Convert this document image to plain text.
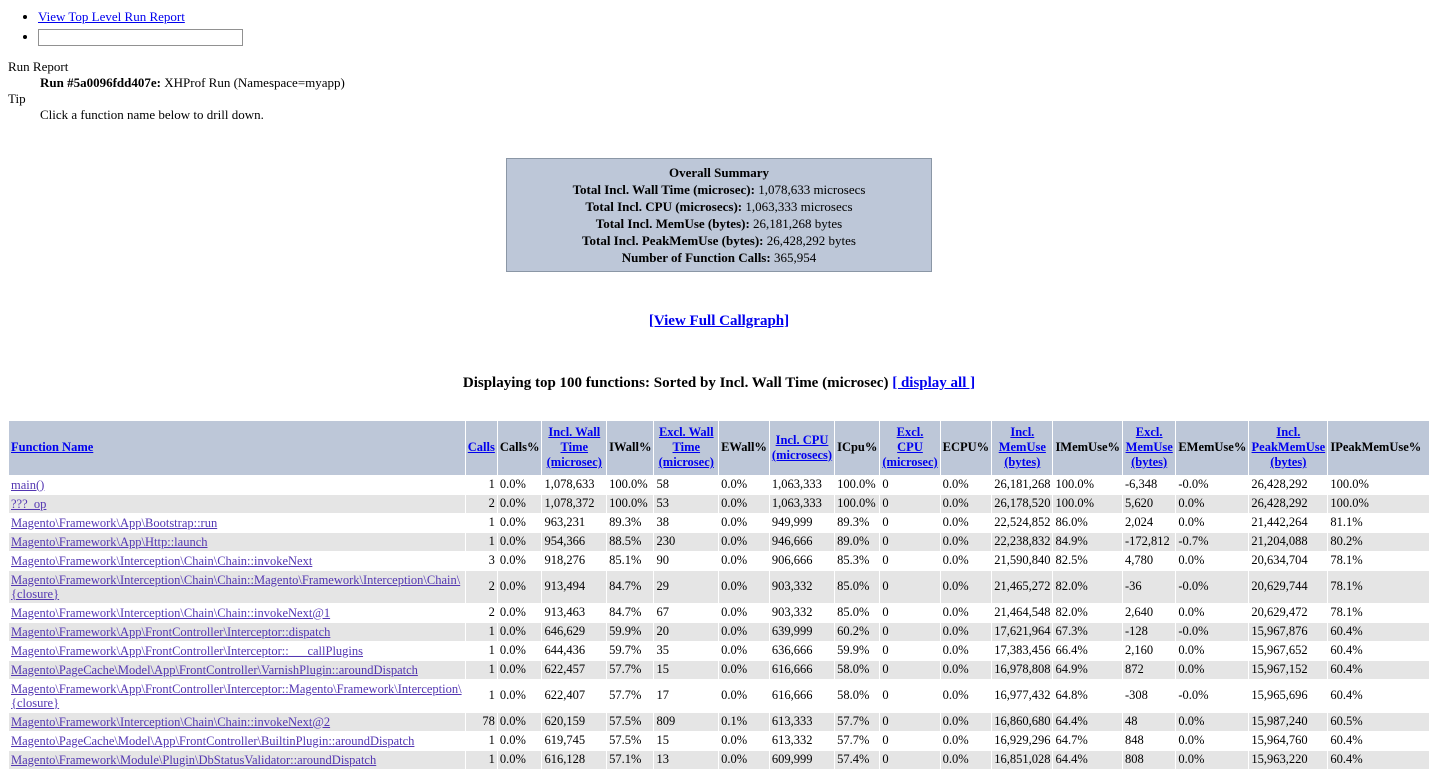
• View Top Level Run Report
•
Run Report
Run #5a0096fdd407e: XHProf Run (Namespace=myapp)
Tip
Click a function name below to drill down.
Overall Summary
Total Incl. Wall Time (microsec): 1,078,633 microsecs
Total Incl. CPU (microsecs): 1,063,333 microsecs
Total Incl. MemUse (bytes): 26,181,268 bytes
Total Incl. PeakMemUse (bytes): 26,428,292 bytes
Number of Function Calls: 365,954
[View Full Callgraph]
Displaying top 100 functions: Sorted by Incl. Wall Time (microsec) [ display all ]
Function Name	Calls	Calls%	Incl. Wall Time (microsec)	IWall%	Excl. Wall Time (microsec)	EWall%	Incl. CPU (microsecs)	ICpu%	Excl. CPU (microsec)	ECPU%	Incl. MemUse (bytes)	IMemUse%	Excl. MemUse (bytes)	EMemUse%	Incl. PeakMemUse (bytes)	IPeakMemUse%
main()	1	0.0%	1,078,633	100.0%	58	0.0%	1,063,333	100.0%	0	0.0%	26,181,268	100.0%	-6,348	-0.0%	26,428,292	100.0%
???_op	2	0.0%	1,078,372	100.0%	53	0.0%	1,063,333	100.0%	0	0.0%	26,178,520	100.0%	5,620	0.0%	26,428,292	100.0%
Magento\Framework\App\Bootstrap::run	1	0.0%	963,231	89.3%	38	0.0%	949,999	89.3%	0	0.0%	22,524,852	86.0%	2,024	0.0%	21,442,264	81.1%
Magento\Framework\App\Http::launch	1	0.0%	954,366	88.5%	230	0.0%	946,666	89.0%	0	0.0%	22,238,832	84.9%	-172,812	-0.7%	21,204,088	80.2%
Magento\Framework\Interception\Chain\Chain::invokeNext	3	0.0%	918,276	85.1%	90	0.0%	906,666	85.3%	0	0.0%	21,590,840	82.5%	4,780	0.0%	20,634,704	78.1%
Magento\Framework\Interception\Chain\Chain::Magento\Framework\Interception\Chain\{closure}	2	0.0%	913,494	84.7%	29	0.0%	903,332	85.0%	0	0.0%	21,465,272	82.0%	-36	-0.0%	20,629,744	78.1%
Magento\Framework\Interception\Chain\Chain::invokeNext@1	2	0.0%	913,463	84.7%	67	0.0%	903,332	85.0%	0	0.0%	21,464,548	82.0%	2,640	0.0%	20,629,472	78.1%
Magento\Framework\App\FrontController\Interceptor::dispatch	1	0.0%	646,629	59.9%	20	0.0%	639,999	60.2%	0	0.0%	17,621,964	67.3%	-128	-0.0%	15,967,876	60.4%
Magento\Framework\App\FrontController\Interceptor::___callPlugins	1	0.0%	644,436	59.7%	35	0.0%	636,666	59.9%	0	0.0%	17,383,456	66.4%	2,160	0.0%	15,967,652	60.4%
Magento\PageCache\Model\App\FrontController\VarnishPlugin::aroundDispatch	1	0.0%	622,457	57.7%	15	0.0%	616,666	58.0%	0	0.0%	16,978,808	64.9%	872	0.0%	15,967,152	60.4%
Magento\Framework\App\FrontController\Interceptor::Magento\Framework\Interception\{closure}	1	0.0%	622,407	57.7%	17	0.0%	616,666	58.0%	0	0.0%	16,977,432	64.8%	-308	-0.0%	15,965,696	60.4%
Magento\Framework\Interception\Chain\Chain::invokeNext@2	78	0.0%	620,159	57.5%	809	0.1%	613,333	57.7%	0	0.0%	16,860,680	64.4%	48	0.0%	15,987,240	60.5%
Magento\PageCache\Model\App\FrontController\BuiltinPlugin::aroundDispatch	1	0.0%	619,745	57.5%	15	0.0%	613,332	57.7%	0	0.0%	16,929,296	64.7%	848	0.0%	15,964,760	60.4%
Magento\Framework\Module\Plugin\DbStatusValidator::aroundDispatch	1	0.0%	616,128	57.1%	13	0.0%	609,999	57.4%	0	0.0%	16,851,028	64.4%	808	0.0%	15,963,220	60.4%
